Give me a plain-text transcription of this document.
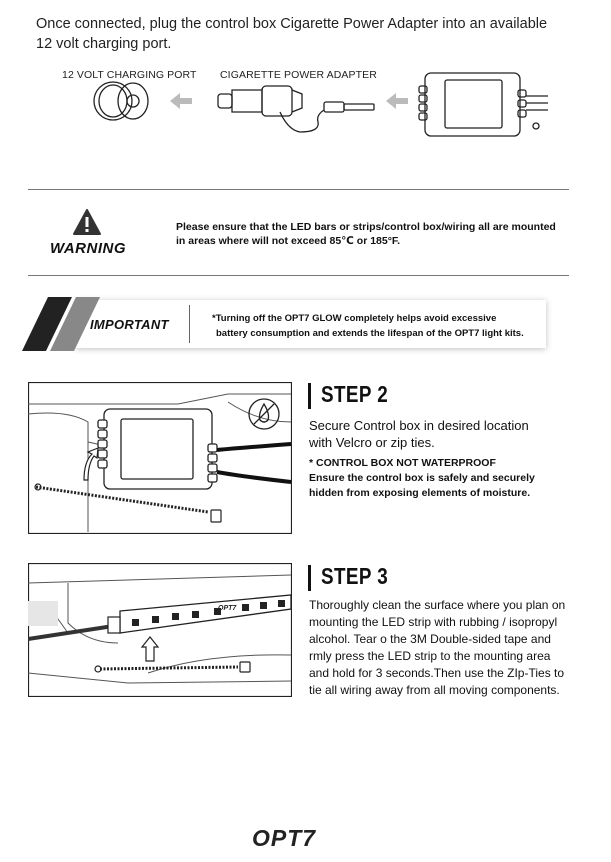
Once connected, plug the control box Cigarette Power Adapter into an available
12 volt charging port.
12 VOLT CHARGING PORT CIGARETTE POWER ADAPTER
WARNING
Please ensure that the LED bars or strips/control box/wiring all are mounted
in areas where will not exceed 85℃ or 185°F.
IMPORTANT	*Turning off the OPT7 GLOW completely helps avoid excessive
battery consumption and extends the lifespan of the OPT7 light kits.
STEP 2
Secure Control box in desired location
with Velcro or zip ties.
* CONTROL BOX NOT WATERPROOF
Ensure the control box is safely and securely
hidden from exposing elements of moisture.
OPT7
STEP 3
Thoroughly clean the surface where you plan on
mounting the LED strip with rubbing / isopropyl
alcohol. Tear o the 3M Double-sided tape and
rmly press the LED strip to the mounting area
and hold for 3 seconds.Then use the ZIp-Ties to
tie all wiring away from all moving components.
OPT7
